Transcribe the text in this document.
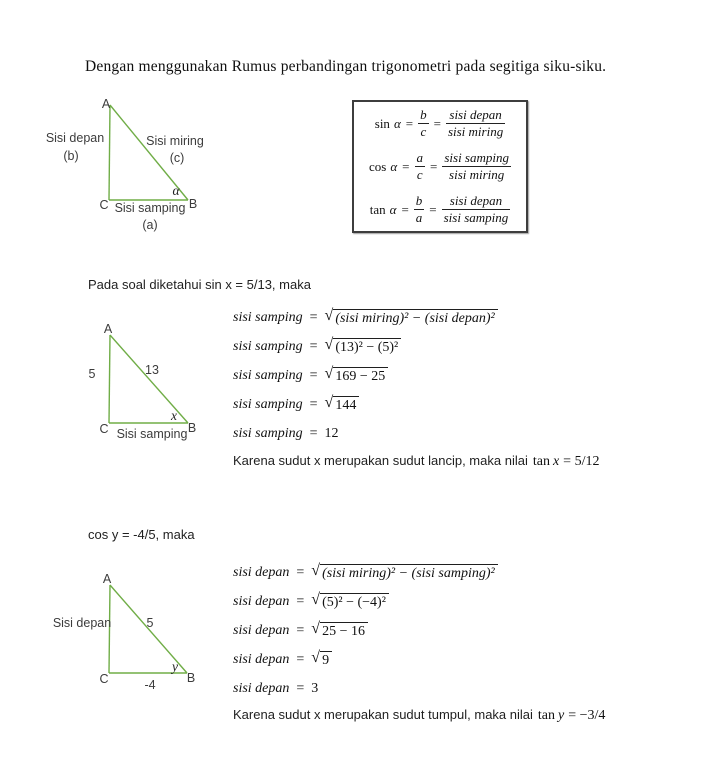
Dengan menggunakan Rumus perbandingan trigonometri pada segitiga siku-siku.
A
C	B
α
Sisi depan
(b)
Sisi miring
(c)
Sisi samping
(a)
$\sin \alpha = \frac{b}{c} = \frac{\text{sisi depan}}{\text{sisi miring}}$
$\cos \alpha = \frac{a}{c} = \frac{\text{sisi samping}}{\text{sisi miring}}$
$\tan \alpha = \frac{b}{a} = \frac{\text{sisi depan}}{\text{sisi samping}}$
Pada soal diketahui sin x = 5/13, maka
A
C	B
x
5	13
Sisi samping
sisi samping = √ (sisi miring)² − (sisi depan)²
sisi samping = √ (13)² − (5)²
sisi samping = √ 169 − 25
sisi samping = √ 144
sisi samping = 12
Karena sudut x merupakan sudut lancip, maka nilai tan x = 5/12
cos y = -4/5, maka
A
C	B
y
Sisi depan	5
-4
sisi depan = √ (sisi miring)² − (sisi samping)²
sisi depan = √ (5)² − (−4)²
sisi depan = √ 25 − 16
sisi depan = √ 9
sisi depan = 3
Karena sudut x merupakan sudut tumpul, maka nilai tan y = −3/4
